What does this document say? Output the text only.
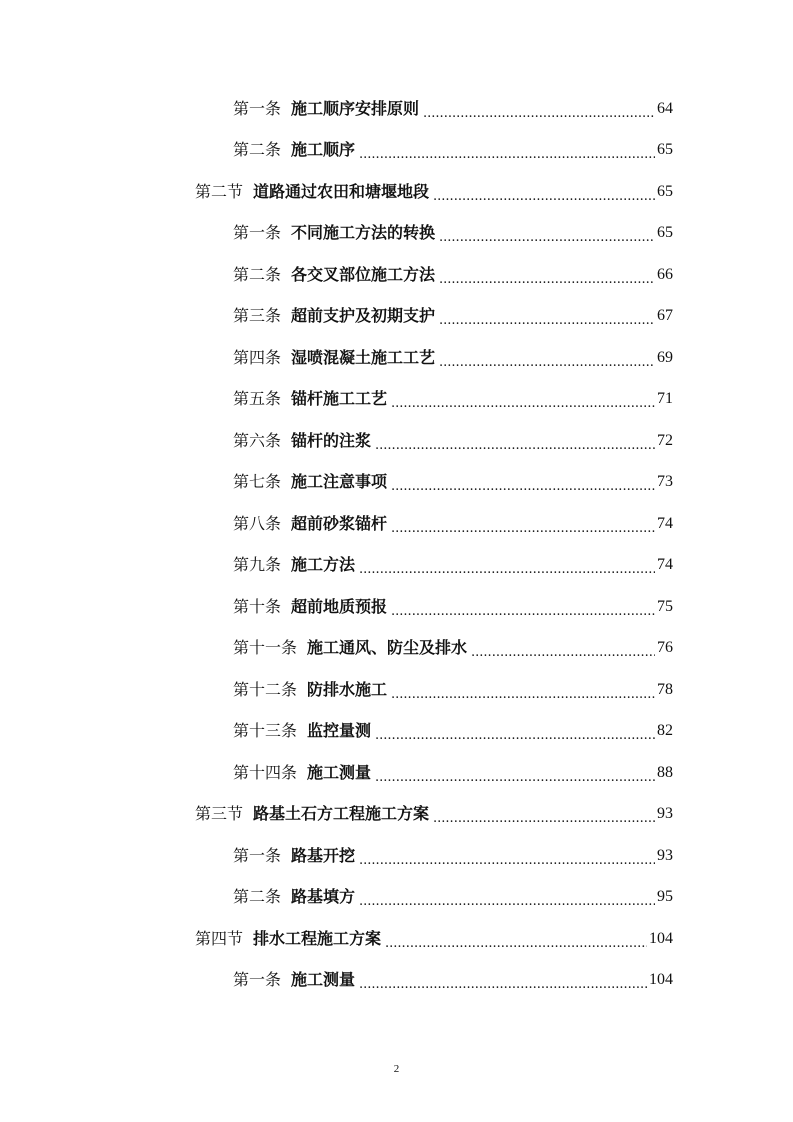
第一条 施工顺序安排原则 .....	64
第二条 施工顺序 .....	65
第二节 道路通过农田和塘堰地段 .....	65
第一条 不同施工方法的转换 .....	65
第二条 各交叉部位施工方法 .....	66
第三条 超前支护及初期支护 .....	67
第四条 湿喷混凝土施工工艺 .....	69
第五条 锚杆施工工艺 .....	71
第六条 锚杆的注浆 .....	72
第七条 施工注意事项 .....	73
第八条 超前砂浆锚杆 .....	74
第九条 施工方法 .....	74
第十条 超前地质预报 .....	75
第十一条 施工通风、防尘及排水 .....	76
第十二条 防排水施工 .....	78
第十三条 监控量测 .....	82
第十四条 施工测量 .....	88
第三节 路基土石方工程施工方案 .....	93
第一条 路基开挖 .....	93
第二条 路基填方 .....	95
第四节 排水工程施工方案 .....	104
第一条 施工测量 .....	104
2
